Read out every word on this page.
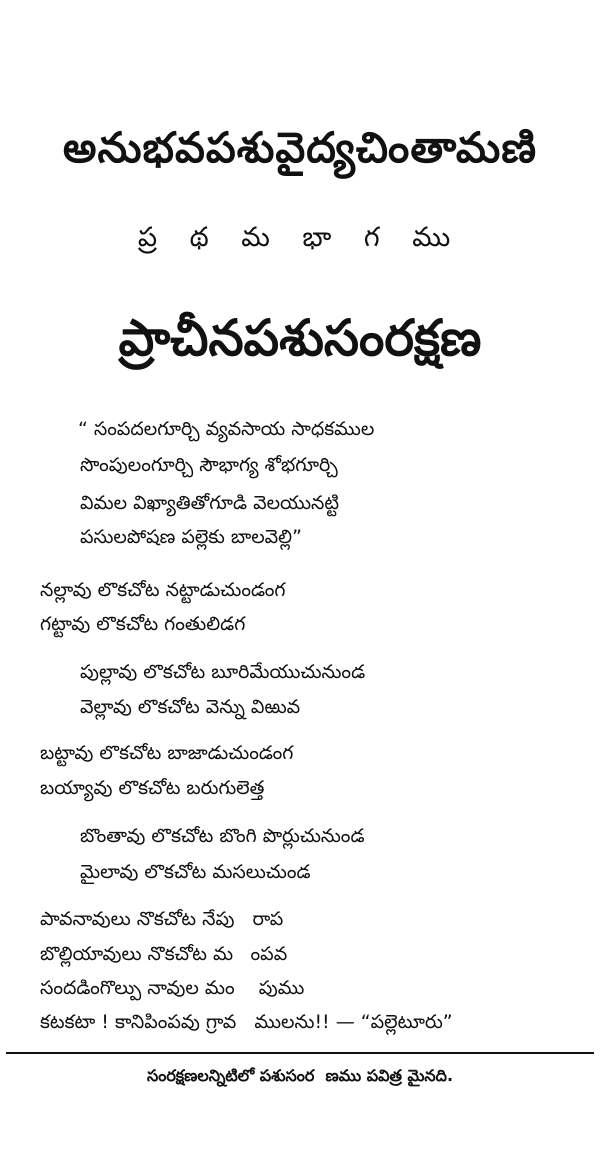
అనుభవపశువైద్యచింతామణి
ప్ర థ మ భా గ ము
ప్రాచీనపశుసంరక్షణ
“ సంపదలగూర్చి వ్యవసాయ సాధకముల
సొంపులంగూర్చి సౌభాగ్య శోభగూర్చి
విమల విఖ్యాతితోగూడి వెలయునట్టి
పసులపోషణ పల్లెకు బాలవెల్లి”
నల్లావు లొకచోట నట్టాడుచుండంగ
గట్టావు లొకచోట గంతులిడగ
పుల్లావు లొకచోట బూరిమేయుచునుండ
వెల్లావు లొకచోట వెన్ను విఱువ
బట్టావు లొకచోట బాజాడుచుండంగ
బయ్యావు లొకచోట బరుగులెత్త
బొంతావు లొకచోట బొంగి పొర్లుచునుండ
మైలావు లొకచోట మసలుచుండ
పావనావులు నొకచోట నేపు   రాప
బొల్లియావులు నొకచోట మ   ంపవ
సందడింగొల్పు నావుల మం    పుము
కటకటా ! కానిపింపవు గ్రావ   ములను!! — “పల్లెటూరు”
సంరక్షణలన్నిటిలో పశుసంర  ణము పవిత్ర మైనది.
